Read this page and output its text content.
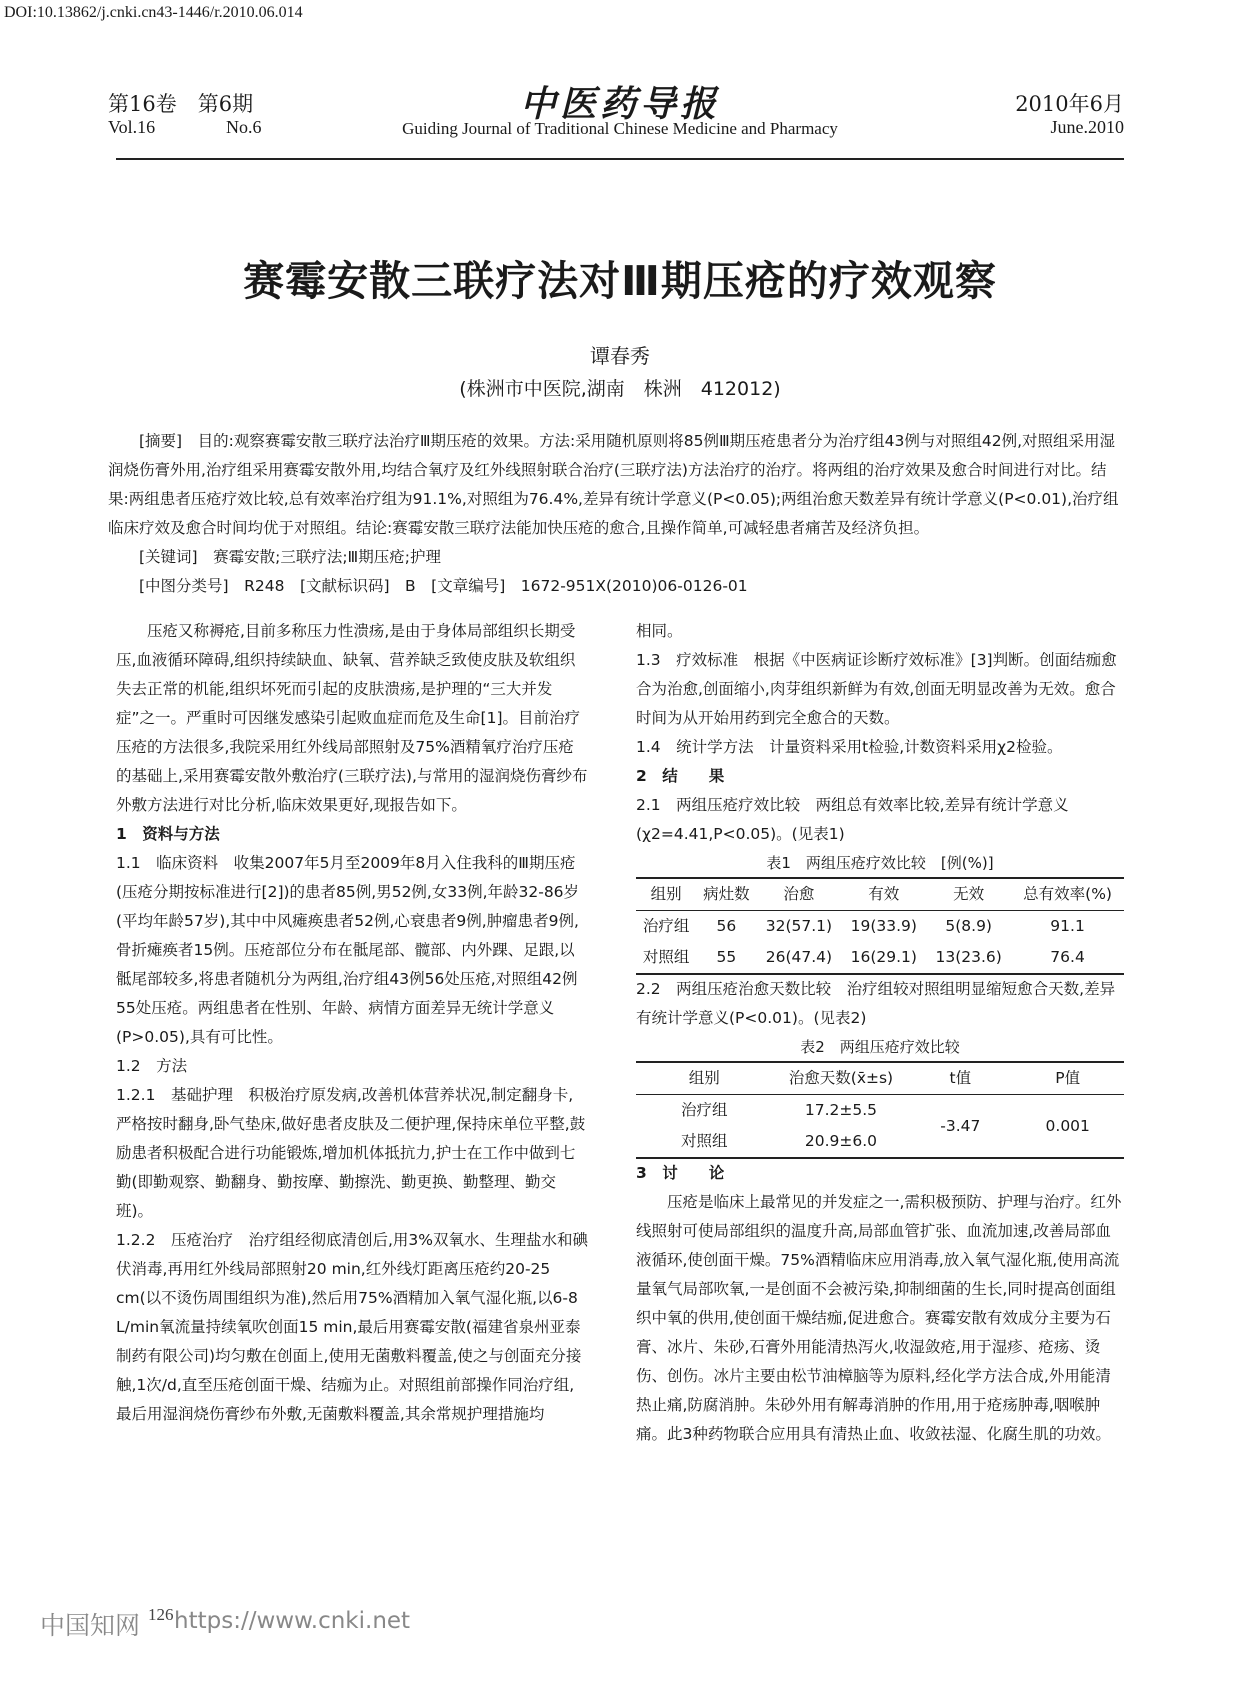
DOI:10.13862/j.cnki.cn43-1446/r.2010.06.014
第16卷　第6期
Vol.16	No.6
中医药导报
Guiding Journal of Traditional Chinese Medicine and Pharmacy
2010年6月
June.2010
赛霉安散三联疗法对Ⅲ期压疮的疗效观察
谭春秀
(株洲市中医院,湖南　株洲　412012)

[摘要]　目的:观察赛霉安散三联疗法治疗Ⅲ期压疮的效果。方法:采用随机原则将85例Ⅲ期压疮患者分为治疗组43例与对照组42例,对照组采用湿润烧伤膏外用,治疗组采用赛霉安散外用,均结合氧疗及红外线照射联合治疗(三联疗法)方法治疗的治疗。将两组的治疗效果及愈合时间进行对比。结果:两组患者压疮疗效比较,总有效率治疗组为91.1%,对照组为76.4%,差异有统计学意义(P<0.05);两组治愈天数差异有统计学意义(P<0.01),治疗组临床疗效及愈合时间均优于对照组。结论:赛霉安散三联疗法能加快压疮的愈合,且操作简单,可减轻患者痛苦及经济负担。

[关键词]　赛霉安散;三联疗法;Ⅲ期压疮;护理

[中图分类号]　R248　[文献标识码]　B　[文章编号]　1672-951X(2010)06-0126-01

压疮又称褥疮,目前多称压力性溃疡,是由于身体局部组织长期受压,血液循环障碍,组织持续缺血、缺氧、营养缺乏致使皮肤及软组织失去正常的机能,组织坏死而引起的皮肤溃疡,是护理的“三大并发症”之一。严重时可因继发感染引起败血症而危及生命[1]。目前治疗压疮的方法很多,我院采用红外线局部照射及75%酒精氧疗治疗压疮的基础上,采用赛霉安散外敷治疗(三联疗法),与常用的湿润烧伤膏纱布外敷方法进行对比分析,临床效果更好,现报告如下。

1　资料与方法

1.1　临床资料　收集2007年5月至2009年8月入住我科的Ⅲ期压疮(压疮分期按标准进行[2])的患者85例,男52例,女33例,年龄32-86岁(平均年龄57岁),其中中风瘫痪患者52例,心衰患者9例,肿瘤患者9例,骨折瘫痪者15例。压疮部位分布在骶尾部、髋部、内外踝、足跟,以骶尾部较多,将患者随机分为两组,治疗组43例56处压疮,对照组42例55处压疮。两组患者在性别、年龄、病情方面差异无统计学意义(P>0.05),具有可比性。

1.2　方法

1.2.1　基础护理　积极治疗原发病,改善机体营养状况,制定翻身卡,严格按时翻身,卧气垫床,做好患者皮肤及二便护理,保持床单位平整,鼓励患者积极配合进行功能锻炼,增加机体抵抗力,护士在工作中做到七勤(即勤观察、勤翻身、勤按摩、勤擦洗、勤更换、勤整理、勤交班)。

1.2.2　压疮治疗　治疗组经彻底清创后,用3%双氧水、生理盐水和碘伏消毒,再用红外线局部照射20 min,红外线灯距离压疮约20-25 cm(以不烫伤周围组织为准),然后用75%酒精加入氧气湿化瓶,以6-8 L/min氧流量持续氧吹创面15 min,最后用赛霉安散(福建省泉州亚泰制药有限公司)均匀敷在创面上,使用无菌敷料覆盖,使之与创面充分接触,1次/d,直至压疮创面干燥、结痂为止。对照组前部操作同治疗组,最后用湿润烧伤膏纱布外敷,无菌敷料覆盖,其余常规护理措施均

相同。

1.3　疗效标准　根据《中医病证诊断疗效标准》[3]判断。创面结痂愈合为治愈,创面缩小,肉芽组织新鲜为有效,创面无明显改善为无效。愈合时间为从开始用药到完全愈合的天数。

1.4　统计学方法　计量资料采用t检验,计数资料采用χ2检验。

2　结　　果

2.1　两组压疮疗效比较　两组总有效率比较,差异有统计学意义(χ2=4.41,P<0.05)。(见表1)

表1　两组压疮疗效比较　[例(%)]
组别	病灶数	治愈	有效	无效	总有效率(%)
治疗组	56	32(57.1)	19(33.9)	5(8.9)	91.1
对照组	55	26(47.4)	16(29.1)	13(23.6)	76.4

2.2　两组压疮治愈天数比较　治疗组较对照组明显缩短愈合天数,差异有统计学意义(P<0.01)。(见表2)

表2　两组压疮疗效比较
组别	治愈天数(x̄±s)	t值	P值
治疗组	17.2±5.5	-3.47	0.001
对照组	20.9±6.0		

3　讨　　论

压疮是临床上最常见的并发症之一,需积极预防、护理与治疗。红外线照射可使局部组织的温度升高,局部血管扩张、血流加速,改善局部血液循环,使创面干燥。75%酒精临床应用消毒,放入氧气湿化瓶,使用高流量氧气局部吹氧,一是创面不会被污染,抑制细菌的生长,同时提高创面组织中氧的供用,使创面干燥结痂,促进愈合。赛霉安散有效成分主要为石膏、冰片、朱砂,石膏外用能清热泻火,收湿敛疮,用于湿疹、疮疡、烫伤、创伤。冰片主要由松节油樟脑等为原料,经化学方法合成,外用能清热止痛,防腐消肿。朱砂外用有解毒消肿的作用,用于疮疡肿毒,咽喉肿痛。此3种药物联合应用具有清热止血、收敛祛湿、化腐生肌的功效。

中国知网 126 https://www.cnki.net
